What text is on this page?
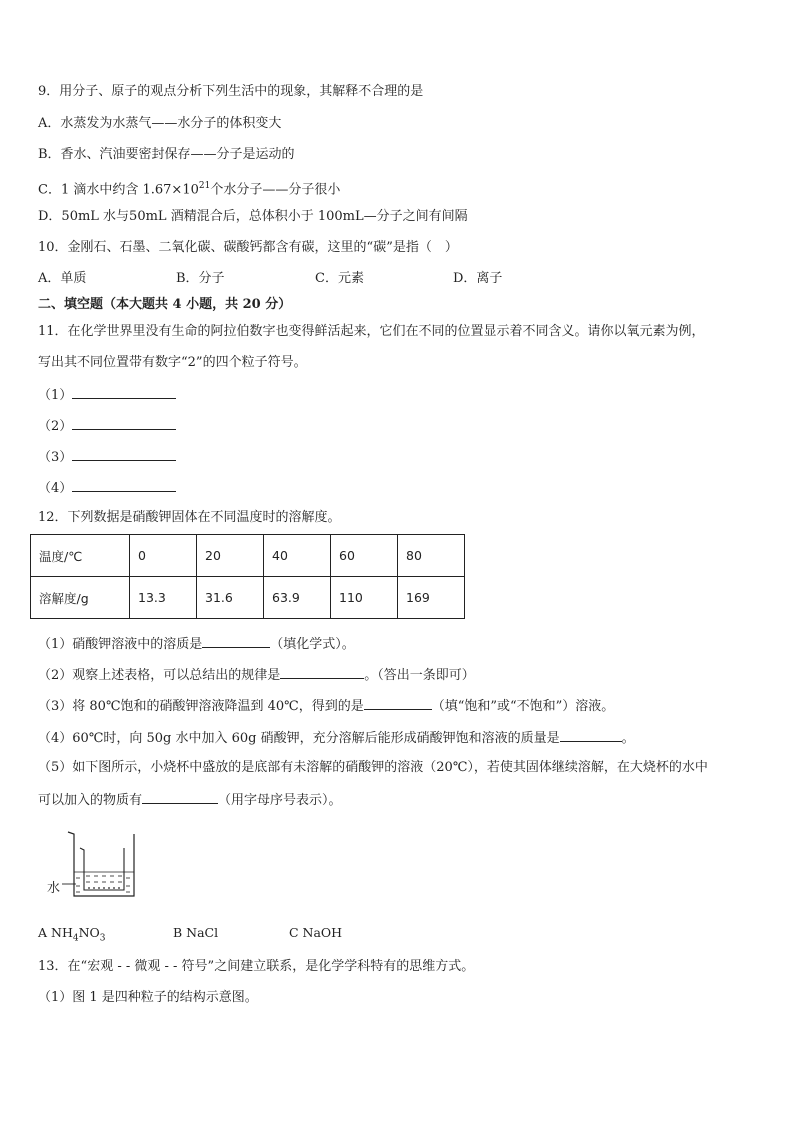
9．用分子、原子的观点分析下列生活中的现象，其解释不合理的是
A．水蒸发为水蒸气——水分子的体积变大
B．香水、汽油要密封保存——分子是运动的
C．1 滴水中约含 $1.67\times 10^{21}$个水分子——分子很小
D．50mL 水与50mL 酒精混合后，总体积小于 100mL—分子之间有间隔
10．金刚石、石墨、二氧化碳、碳酸钙都含有碳，这里的“碳”是指（　）
A．单质	B．分子	C．元素	D．离子
二、填空题（本大题共 4 小题，共 20 分）
11．在化学世界里没有生命的阿拉伯数字也变得鲜活起来，它们在不同的位置显示着不同含义。请你以氧元素为例，
写出其不同位置带有数字“2”的四个粒子符号。
（1）
（2）
（3）
（4）
12．下列数据是硝酸钾固体在不同温度时的溶解度。
温度/℃	0	20	40	60	80
溶解度/g	13.3	31.6	63.9	110	169
（1）硝酸钾溶液中的溶质是	（填化学式）。
（2）观察上述表格，可以总结出的规律是	。（答出一条即可）
（3）将 80℃饱和的硝酸钾溶液降温到 40℃，得到的是	（填“饱和”或“不饱和”）溶液。
（4）60℃时，向 50g 水中加入 60g 硝酸钾，充分溶解后能形成硝酸钾饱和溶液的质量是	。
（5）如下图所示，小烧杯中盛放的是底部有未溶解的硝酸钾的溶液（20℃），若使其固体继续溶解，在大烧杯的水中
可以加入的物质有	（用字母序号表示）。
水
A $NH_4NO_3$	B NaCl	C NaOH
13．在“宏观 - - 微观 - - 符号”之间建立联系，是化学学科特有的思维方式。
（1）图 1 是四种粒子的结构示意图。
